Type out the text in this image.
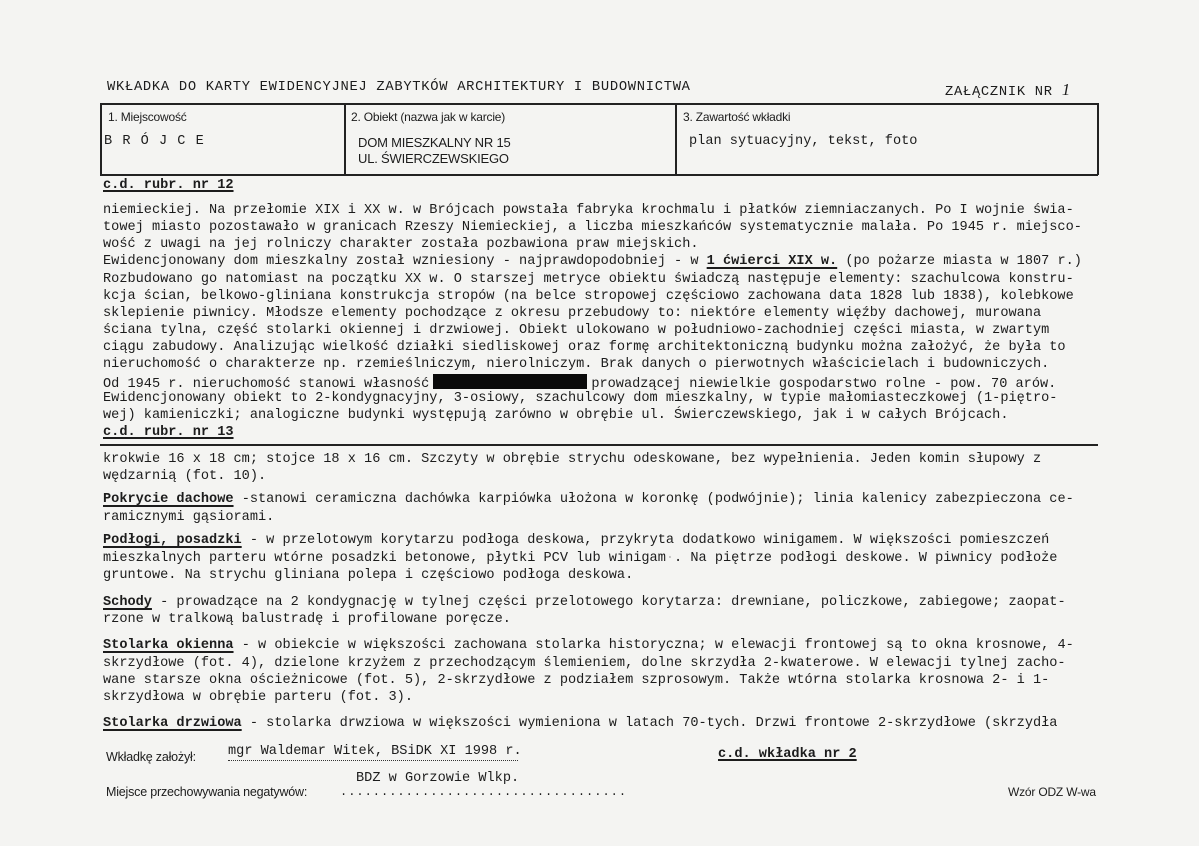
WKŁADKA DO KARTY EWIDENCYJNEJ ZABYTKÓW ARCHITEKTURY I BUDOWNICTWA	ZAŁĄCZNIK NR 1
1. Miejscowość
B R Ó J C E
2. Obiekt (nazwa jak w karcie)
DOM MIESZKALNY NR 15
UL. ŚWIERCZEWSKIEGO
3. Zawartość wkładki
plan sytuacyjny, tekst, foto
c.d. rubr. nr 12
niemieckiej. Na przełomie XIX i XX w. w Brójcach powstała fabryka krochmalu i płatków ziemniaczanych. Po I wojnie świa-
towej miasto pozostawało w granicach Rzeszy Niemieckiej, a liczba mieszkańców systematycznie malała. Po 1945 r. miejsco-
wość z uwagi na jej rolniczy charakter została pozbawiona praw miejskich.
Ewidencjonowany dom mieszkalny został wzniesiony - najprawdopodobniej - w 1 ćwierci XIX w. (po pożarze miasta w 1807 r.)
Rozbudowano go natomiast na początku XX w. O starszej metryce obiektu świadczą następuje elementy: szachulcowa konstru-
kcja ścian, belkowo-gliniana konstrukcja stropów (na belce stropowej częściowo zachowana data 1828 lub 1838), kolebkowe
sklepienie piwnicy. Młodsze elementy pochodzące z okresu przebudowy to: niektóre elementy więźby dachowej, murowana
ściana tylna, część stolarki okiennej i drzwiowej. Obiekt ulokowano w południowo-zachodniej części miasta, w zwartym
ciągu zabudowy. Analizując wielkość działki siedliskowej oraz formę architektoniczną budynku można założyć, że była to
nieruchomość o charakterze np. rzemieślniczym, nierolniczym. Brak danych o pierwotnych właścicielach i budowniczych.
Od 1945 r. nieruchomość stanowi własność	prowadzącej niewielkie gospodarstwo rolne - pow. 70 arów.
Ewidencjonowany obiekt to 2-kondygnacyjny, 3-osiowy, szachulcowy dom mieszkalny, w typie małomiasteczkowej (1-piętro-
wej) kamieniczki; analogiczne budynki występują zarówno w obrębie ul. Świerczewskiego, jak i w całych Brójcach.
c.d. rubr. nr 13
krokwie 16 x 18 cm; stojce 18 x 16 cm. Szczyty w obrębie strychu odeskowane, bez wypełnienia. Jeden komin słupowy z
wędzarnią (fot. 10).
Pokrycie dachowe -stanowi ceramiczna dachówka karpiówka ułożona w koronkę (podwójnie); linia kalenicy zabezpieczona ce-
ramicznymi gąsiorami.
Podłogi, posadzki - w przelotowym korytarzu podłoga deskowa, przykryta dodatkowo winigamem. W większości pomieszczeń
mieszkalnych parteru wtórne posadzki betonowe, płytki PCV lub winigam·. Na piętrze podłogi deskowe. W piwnicy podłoże
gruntowe. Na strychu gliniana polepa i częściowo podłoga deskowa.
Schody - prowadzące na 2 kondygnację w tylnej części przelotowego korytarza: drewniane, policzkowe, zabiegowe; zaopat-
rzone w tralkową balustradę i profilowane poręcze.
Stolarka okienna - w obiekcie w większości zachowana stolarka historyczna; w elewacji frontowej są to okna krosnowe, 4-
skrzydłowe (fot. 4), dzielone krzyżem z przechodzącym ślemieniem, dolne skrzydła 2-kwaterowe. W elewacji tylnej zacho-
wane starsze okna ościeżnicowe (fot. 5), 2-skrzydłowe z podziałem szprosowym. Także wtórna stolarka krosnowa 2- i 1-
skrzydłowa w obrębie parteru (fot. 3).
Stolarka drzwiowa - stolarka drwziowa w większości wymieniona w latach 70-tych. Drzwi frontowe 2-skrzydłowe (skrzydła
Wkładkę założył: mgr Waldemar Witek, BSiDK XI 1998 r.	c.d. wkładka nr 2
BDZ w Gorzowie Wlkp.
Miejsce przechowywania negatywów:	...................................	Wzór ODZ W-wa
